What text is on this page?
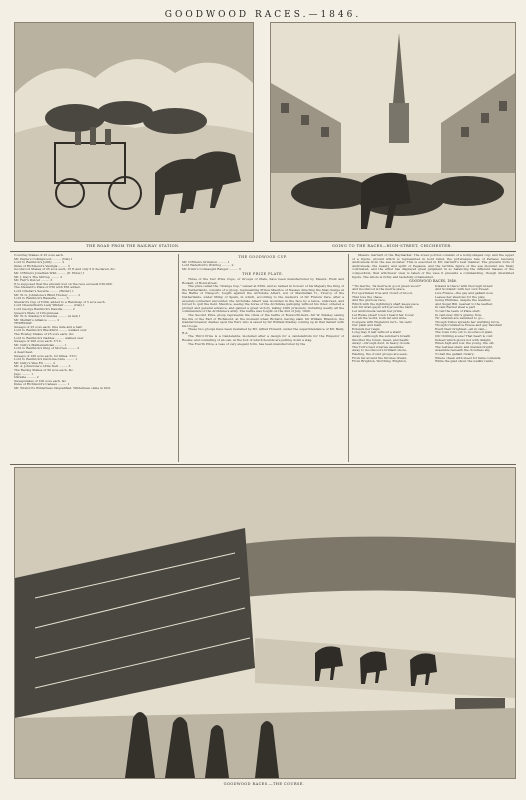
GOODWOOD RACES.—1846.
THE ROAD FROM THE RAILWAY STATION.	GOING TO THE RACES—HIGH-STREET, CHICHESTER.
Cowdray Stakes of 25 sovs each.
Mr. Payne's Collingwood ......... (Nat) 1
Lord G. Bentinck's Jollity ......... 2
Duke of Richmond's Vestigia ......... 3
Goodwood Stakes of 25 sovs each, 15 ft and only 5 if declared, &c.
Mr. O'Brien's Jonathan Wild ......... (E. Elder) 1
Mr. J. Day's The Stirrup ......... 2
Mr. Farr's Dulcet ......... 3
It is supposed that the amount lost on the race exceeds £30,000.
The Steward's Plate of £50 with £50 added.
Lord Orlebar's Severia ......... (Butler) 1
Mr. W. G. Johnstone's Blind Hookey ......... 2
Lord G. Bentinck's Bassette ......... 3
Steward's Cup of £300, added to a Handicap of 5 sovs each.
Lord Chesterfield's Lady Wildair ......... (Nat) 1
Lord George Bentinck's Dawdle ......... 2
Queen's Plate of 100 guineas.
Mr. W. S. Stanley's Ironsides ......... (A lad) 1
Mr. Mellish's Alliance ......... 2
THURSDAY.
Sweeps of 25 sovs each. One mile and a half.
Lord G. Bentinck's Blackbird ......... walked over
The Rowley Stakes of 25 sovs each, &c.
Lord G. Bentinck's Gaddes ......... walked over
Sweeps of 200 sovs each. T.Y.C.
Mr. Gully's Mathematician ......... 1
Lord G. Bentinck's King of Morven ......... 2
A dead heat.
Sweeps of 100 sovs each, for fillies. T.Y.C.
Lord G. Bentinck's Devil-me-Care ......... 1
Mr. Gully's Wee Eli ......... 2
Mr. A. Johnstone's Little Nell ......... 3
The Racing Stakes of 50 sovs each, &c.
Jago ......... 1
Ukraine ......... 2
Sweepstakes of 100 sovs each, &c.
Duke of Richmond's Cadeau ......... 1
Mr. Wreford's Wilderness disqualified. Wilderness came in first.
THE GOODWOOD CUP.
Mr. O'Brien's Grimston ......... 1
Lord Waterford's Wolfdog ......... 2
Mr. Irwin's Connaught Ranger ......... 3
THE PRIZE PLATE.
Three of the four Prize Cups, or Groups of Plate, have been manufactured by Messrs. Hunt and Roskell, of Bond-street.
The prize called the "Orange Cup," valued at £500, and so named in honour of his Majesty the King of the Netherlands, consists of a group, representing Prince Maurice of Nassau directing the final charge at the Battle of Nieuport, fought against the Archduke Albert, son of Maximilian II., Viceroy of the Netherlands, under Philip of Spain, in which, according to the memoirs of Sir Francis Vere, after a severely-contested encounter, the Archduke Albert was wounded in the face by a lance, unhorsed, and forced to quit the field. Maurice, seeing the horse of the Archduke galloping without his rider, ordered a prompt and general advance, and gained a great victory, taking 1000 prisoners, including nearly all the commanders of the Archduke's army. The battle was fought on the 2nd of July, 1600.
The Second Prize group represents the crisis of the battle of Bosworth-field—Sir W. Stanley saving the life of the Earl of Richmond, at the moment when Richard, having slain Sir William Brandon, the standard-bearer, dashes upon the Earl, who is saved by Sir William Stanley coming up at that instant with his troops.
These two groups have been modelled by Mr. Alfred Howard, under the superintendence of Mr. Baily, R.A.
The Third Prize is a Candelabra, modelled after a design for a candelabrum for the Emperor of Russia; and consisting of an oak, at the foot of which hounds are pulling down a stag.
The Fourth Prize, a vase of very elegant form, has been manufactured by the
Messrs. Garrard of the Haymarket. The lower portion consists of a nobly-shaped cup; and the upper of a figure, around which is represented in bold relief, the picturesque tale of Perseus rescuing Andromeda from the sea monster. This is executed in Mr. Garrard's best manner. The graceful form of Andromeda, the beauty and spirit of Pegasus, and the terrible figure of the sea monster are finely contrasted; and the artist has displayed great judgment in so balancing the different masses of the composition, that whichever view is taken of the vase it presents a commanding, though diversified figure. The whole is richly and tastefully ornamented.
GOODWOOD RACES, 1846.
"'Tis merrie, 'tis merrie in good green wood!"
And Goodwood is the merrie place
For sportsman true and crowd of blood,
That love the chase,
And the glorious race,
Which with the lightning's shaft keeps pace.
List Sir Arab gayer with proud his bark;
Let Andromeda vanish her pride;
Let Hume (dear! town I heard her Cover,
Let all the world, both far and wide,
Compete with England's turf—'tis vain!
Our plain and main
Extends her reign;
Long may it last without a stain!
Away!—although the summer's breath
Smother the forest, mead, and heath;
Away!—through dust, in heavy clouds,
The Turf's best votaries assemble;
Away to Goodwood's brilliant shore,
Hasting, the crowd groups are seen,
From far around the thrones drawn,
From Brighton, Worthing, Brighton,
Ireland is there! with thorough breed;
And Scotland! with her own Tweed.
Live France—the gay and gallant now,
Leaves her shadows for the play;
Going Phillides, despite the weather,
And Sugar Bill, nearest to the leather.
In vain Rachel steal a part
To tell the team of Plate start;
In vain may Oliv's granny flow,
Th' Arabian are vanished to go—
Though Tullus spreads her warbling brow,
Though Cummerce House and gay Vauxhall
Exert their brightest—all in vain—
The town rolls out to Goodwood plain.
Oh! thrilling scene! That heart is cold
Indeed which glows not with delight,
When high and low, the young, the old,
The restless staid, and maiden bright,
Assemble beneath the cloudless sky,
To hail the gallant rivalry;
Where cheek with steed for fame contends,
While the glad shout the welkin rends.
GOODWOOD RACES.—THE COURSE.
